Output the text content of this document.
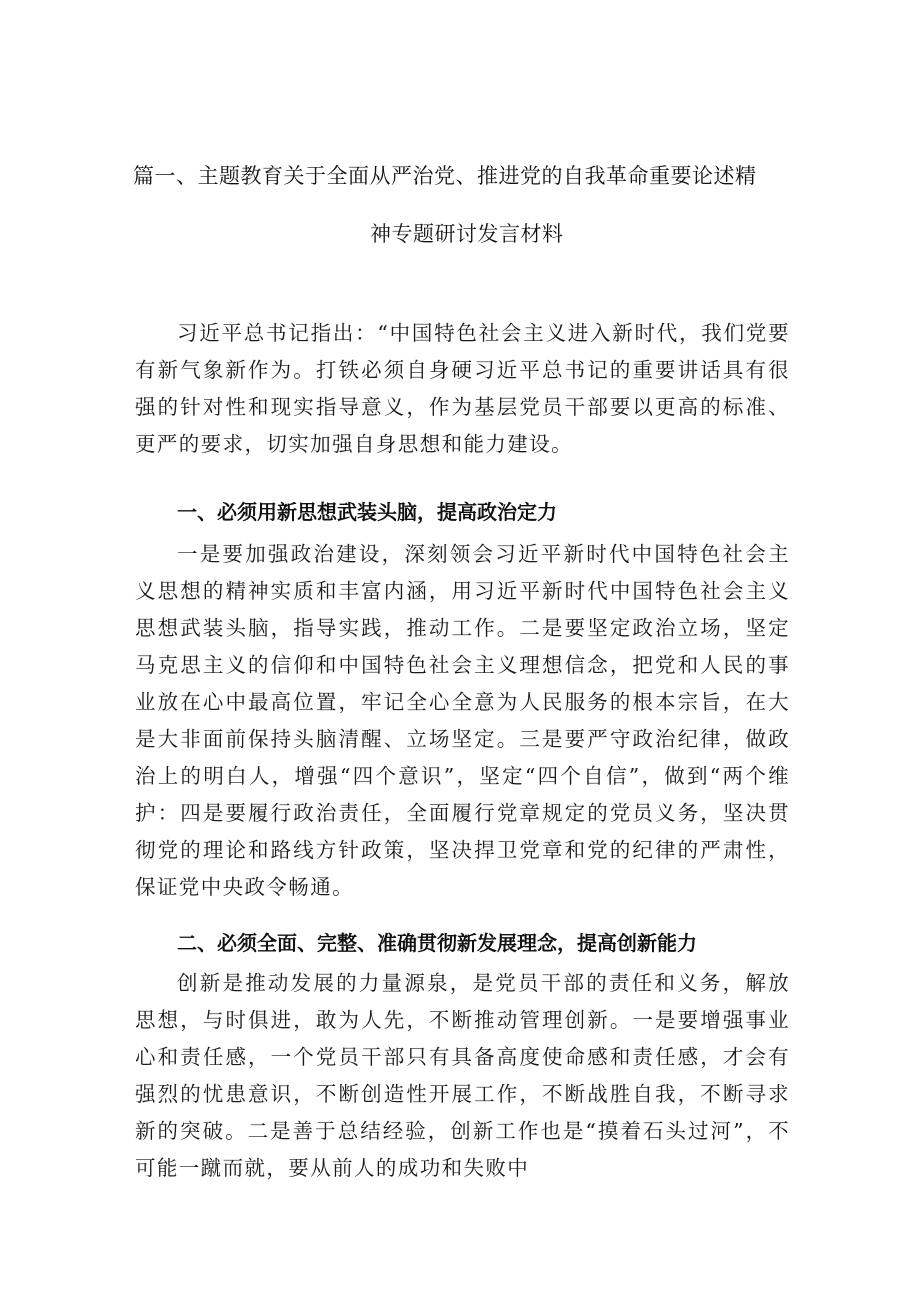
篇一、主题教育关于全面从严治党、推进党的自我革命重要论述精
神专题研讨发言材料

习近平总书记指出：“中国特色社会主义进入新时代，我们党要有新气象新作为。打铁必须自身硬习近平总书记的重要讲话具有很强的针对性和现实指导意义，作为基层党员干部要以更高的标准、更严的要求，切实加强自身思想和能力建设。

一、必须用新思想武装头脑，提高政治定力

一是要加强政治建设，深刻领会习近平新时代中国特色社会主义思想的精神实质和丰富内涵，用习近平新时代中国特色社会主义思想武装头脑，指导实践，推动工作。二是要坚定政治立场，坚定马克思主义的信仰和中国特色社会主义理想信念，把党和人民的事业放在心中最高位置，牢记全心全意为人民服务的根本宗旨，在大是大非面前保持头脑清醒、立场坚定。三是要严守政治纪律，做政治上的明白人，增强“四个意识”，坚定“四个自信”，做到“两个维护：四是要履行政治责任，全面履行党章规定的党员义务，坚决贯彻党的理论和路线方针政策，坚决捍卫党章和党的纪律的严肃性，保证党中央政令畅通。

二、必须全面、完整、准确贯彻新发展理念，提高创新能力

创新是推动发展的力量源泉，是党员干部的责任和义务，解放思想，与时俱进，敢为人先，不断推动管理创新。一是要增强事业心和责任感，一个党员干部只有具备高度使命感和责任感，才会有强烈的忧患意识，不断创造性开展工作，不断战胜自我，不断寻求新的突破。二是善于总结经验，创新工作也是“摸着石头过河”，不可能一蹴而就，要从前人的成功和失败中
